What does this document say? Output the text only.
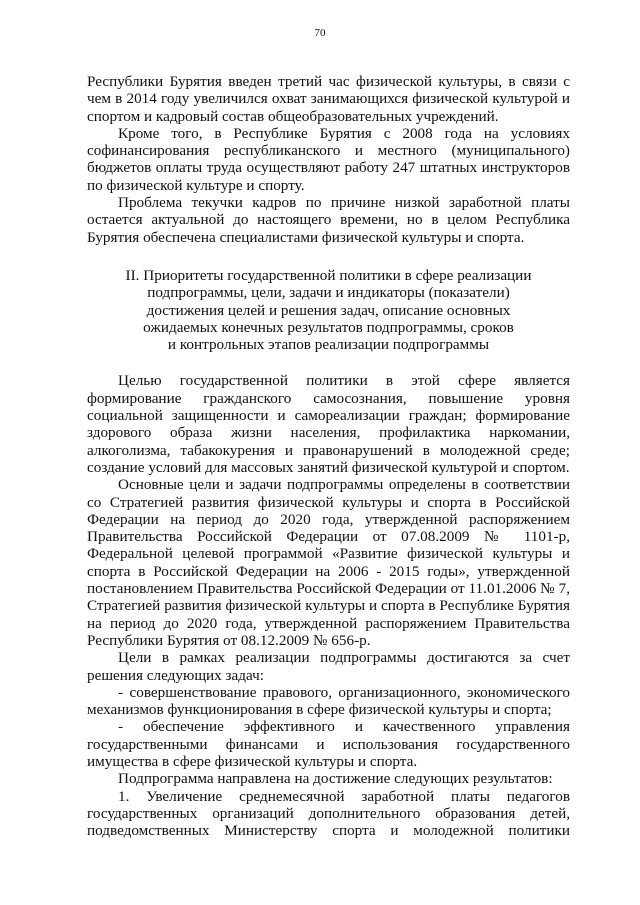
70

Республики Бурятия введен третий час физической культуры, в связи с чем в 2014 году увеличился охват занимающихся физической культурой и спортом и кадровый состав общеобразовательных учреждений.

Кроме того, в Республике Бурятия с 2008 года на условиях софинансирования республиканского и местного (муниципального) бюджетов оплаты труда осуществляют работу 247 штатных инструкторов по физической культуре и спорту.

Проблема текучки кадров по причине низкой заработной платы остается актуальной до настоящего времени, но в целом Республика Бурятия обеспечена специалистами физической культуры и спорта.

II. Приоритеты государственной политики в сфере реализации

подпрограммы, цели, задачи и индикаторы (показатели)

достижения целей и решения задач, описание основных

ожидаемых конечных результатов подпрограммы, сроков

и контрольных этапов реализации подпрограммы

Целью государственной политики в этой сфере является формирование гражданского самосознания, повышение уровня социальной защищенности и самореализации граждан; формирование здорового образа жизни населения, профилактика наркомании, алкоголизма, табакокурения и правонарушений в молодежной среде; создание условий для массовых занятий физической культурой и спортом.

Основные цели и задачи подпрограммы определены в соответствии со Стратегией развития физической культуры и спорта в Российской Федерации на период до 2020 года, утвержденной распоряжением Правительства Российской Федерации от 07.08.2009 № 1101-р, Федеральной целевой программой «Развитие физической культуры и спорта в Российской Федерации на 2006 - 2015 годы», утвержденной постановлением Правительства Российской Федерации от 11.01.2006 № 7, Стратегией развития физической культуры и спорта в Республике Бурятия на период до 2020 года, утвержденной распоряжением Правительства Республики Бурятия от 08.12.2009 № 656-р.

Цели в рамках реализации подпрограммы достигаются за счет решения следующих задач:

- совершенствование правового, организационного, экономического механизмов функционирования в сфере физической культуры и спорта;

- обеспечение эффективного и качественного управления государственными финансами и использования государственного имущества в сфере физической культуры и спорта.

Подпрограмма направлена на достижение следующих результатов:

1. Увеличение среднемесячной заработной платы педагогов государственных организаций дополнительного образования детей, подведомственных Министерству спорта и молодежной политики
